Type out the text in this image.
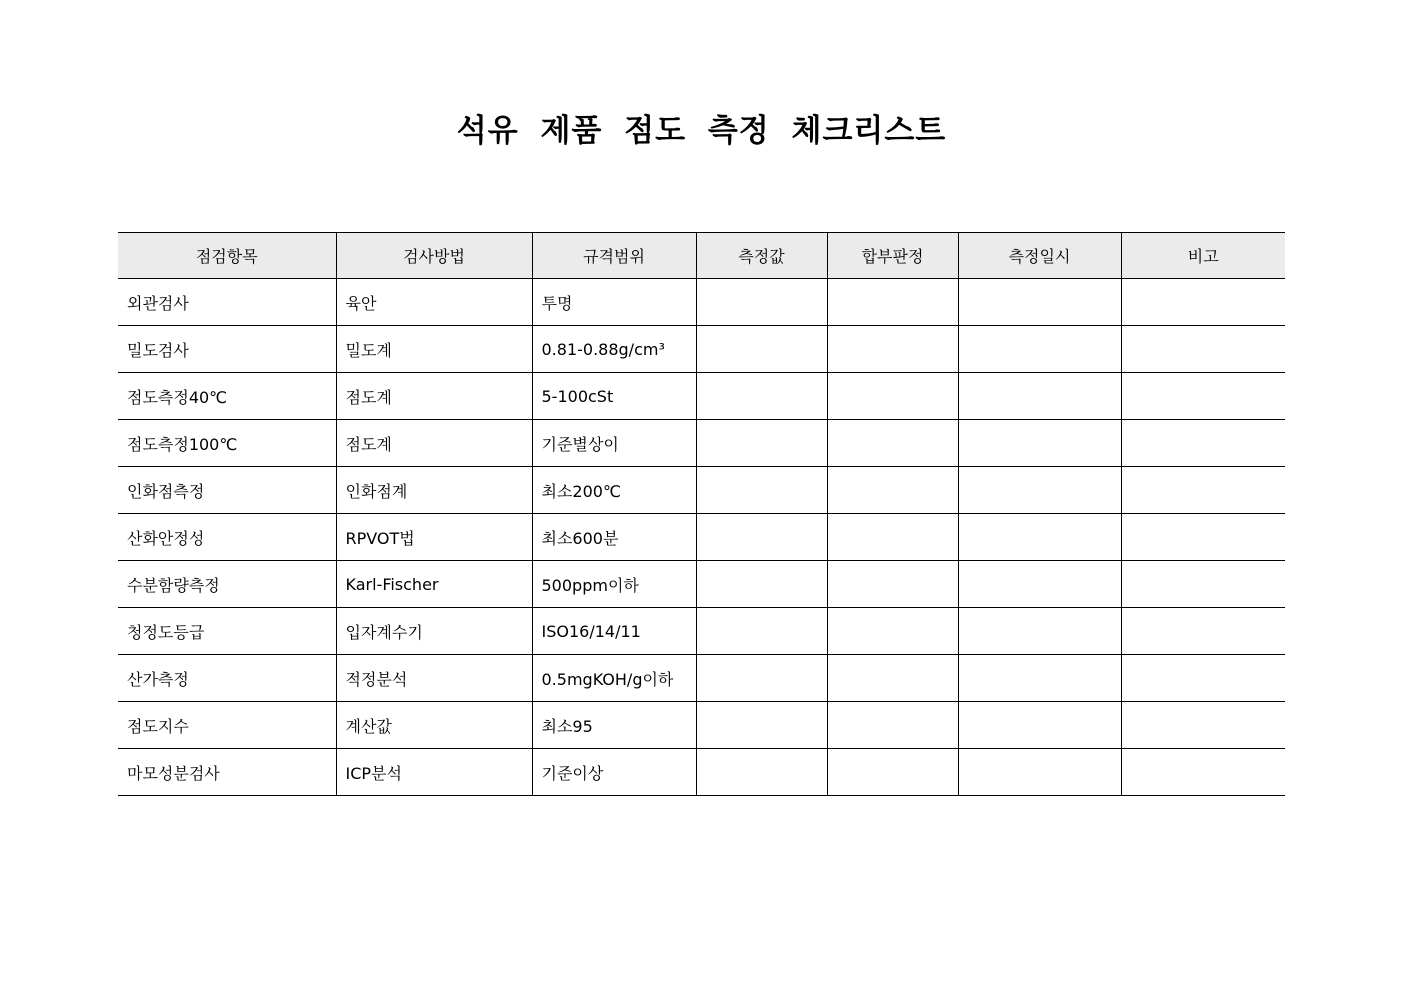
석유 제품 점도 측정 체크리스트
점검항목	검사방법	규격범위	측정값	합부판정	측정일시	비고
외관검사	육안	투명				
밀도검사	밀도계	0.81-0.88g/cm³				
점도측정40℃	점도계	5-100cSt				
점도측정100℃	점도계	기준별상이				
인화점측정	인화점계	최소200℃				
산화안정성	RPVOT법	최소600분				
수분함량측정	Karl-Fischer	500ppm이하				
청정도등급	입자계수기	ISO16/14/11				
산가측정	적정분석	0.5mgKOH/g이하				
점도지수	계산값	최소95				
마모성분검사	ICP분석	기준이상				
